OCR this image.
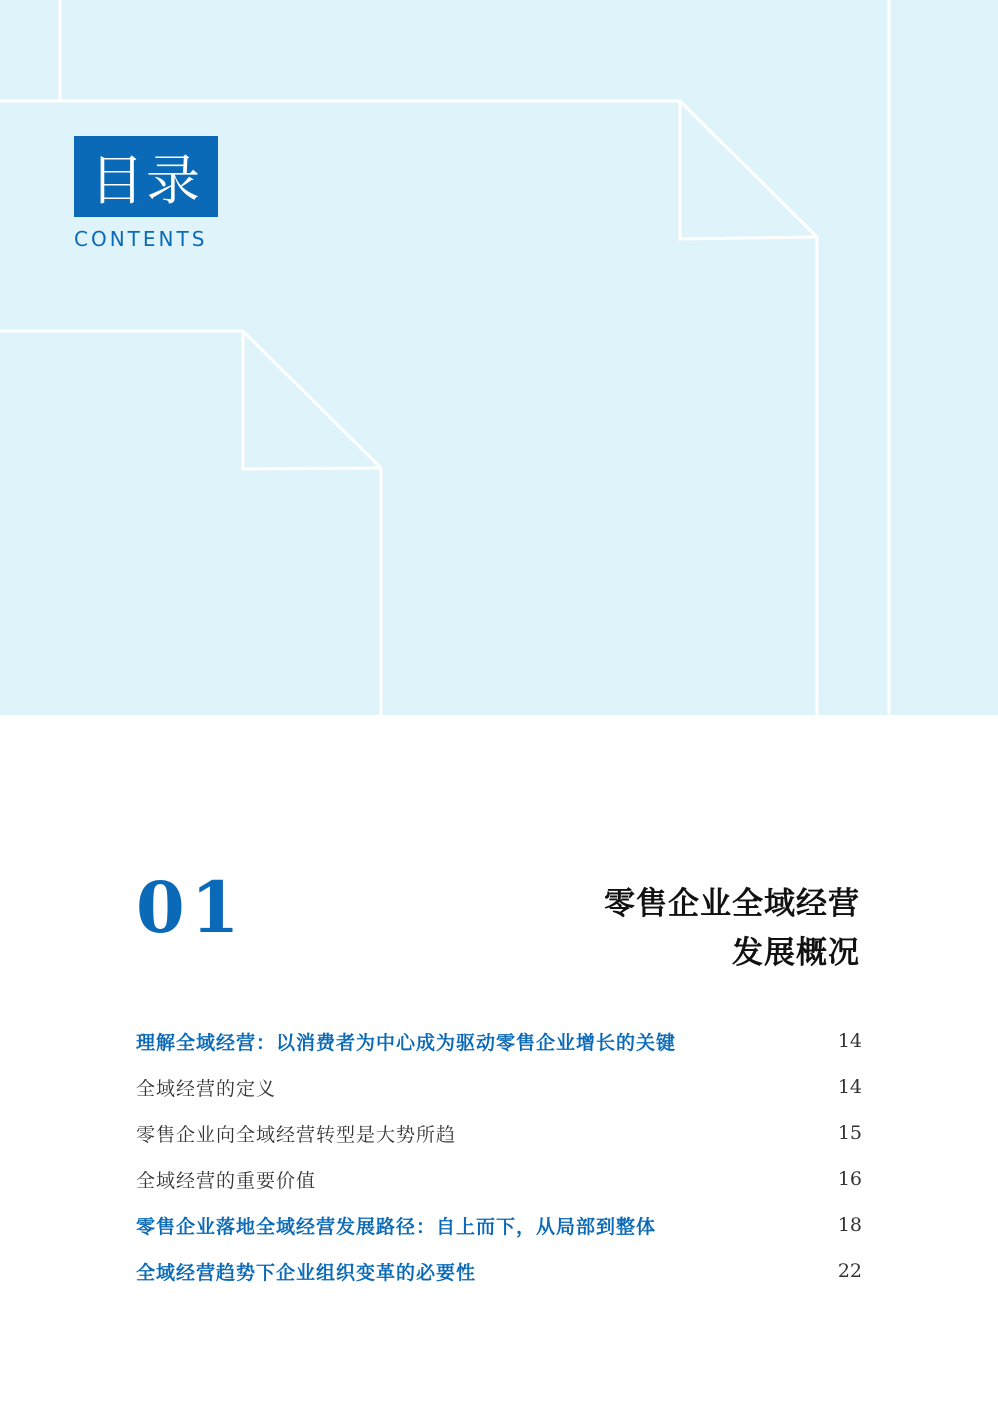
目录
CONTENTS
01	零售企业全域经营
发展概况
理解全域经营：以消费者为中心成为驱动零售企业增长的关键	14
全域经营的定义	14
零售企业向全域经营转型是大势所趋	15
全域经营的重要价值	16
零售企业落地全域经营发展路径：自上而下，从局部到整体	18
全域经营趋势下企业组织变革的必要性	22
